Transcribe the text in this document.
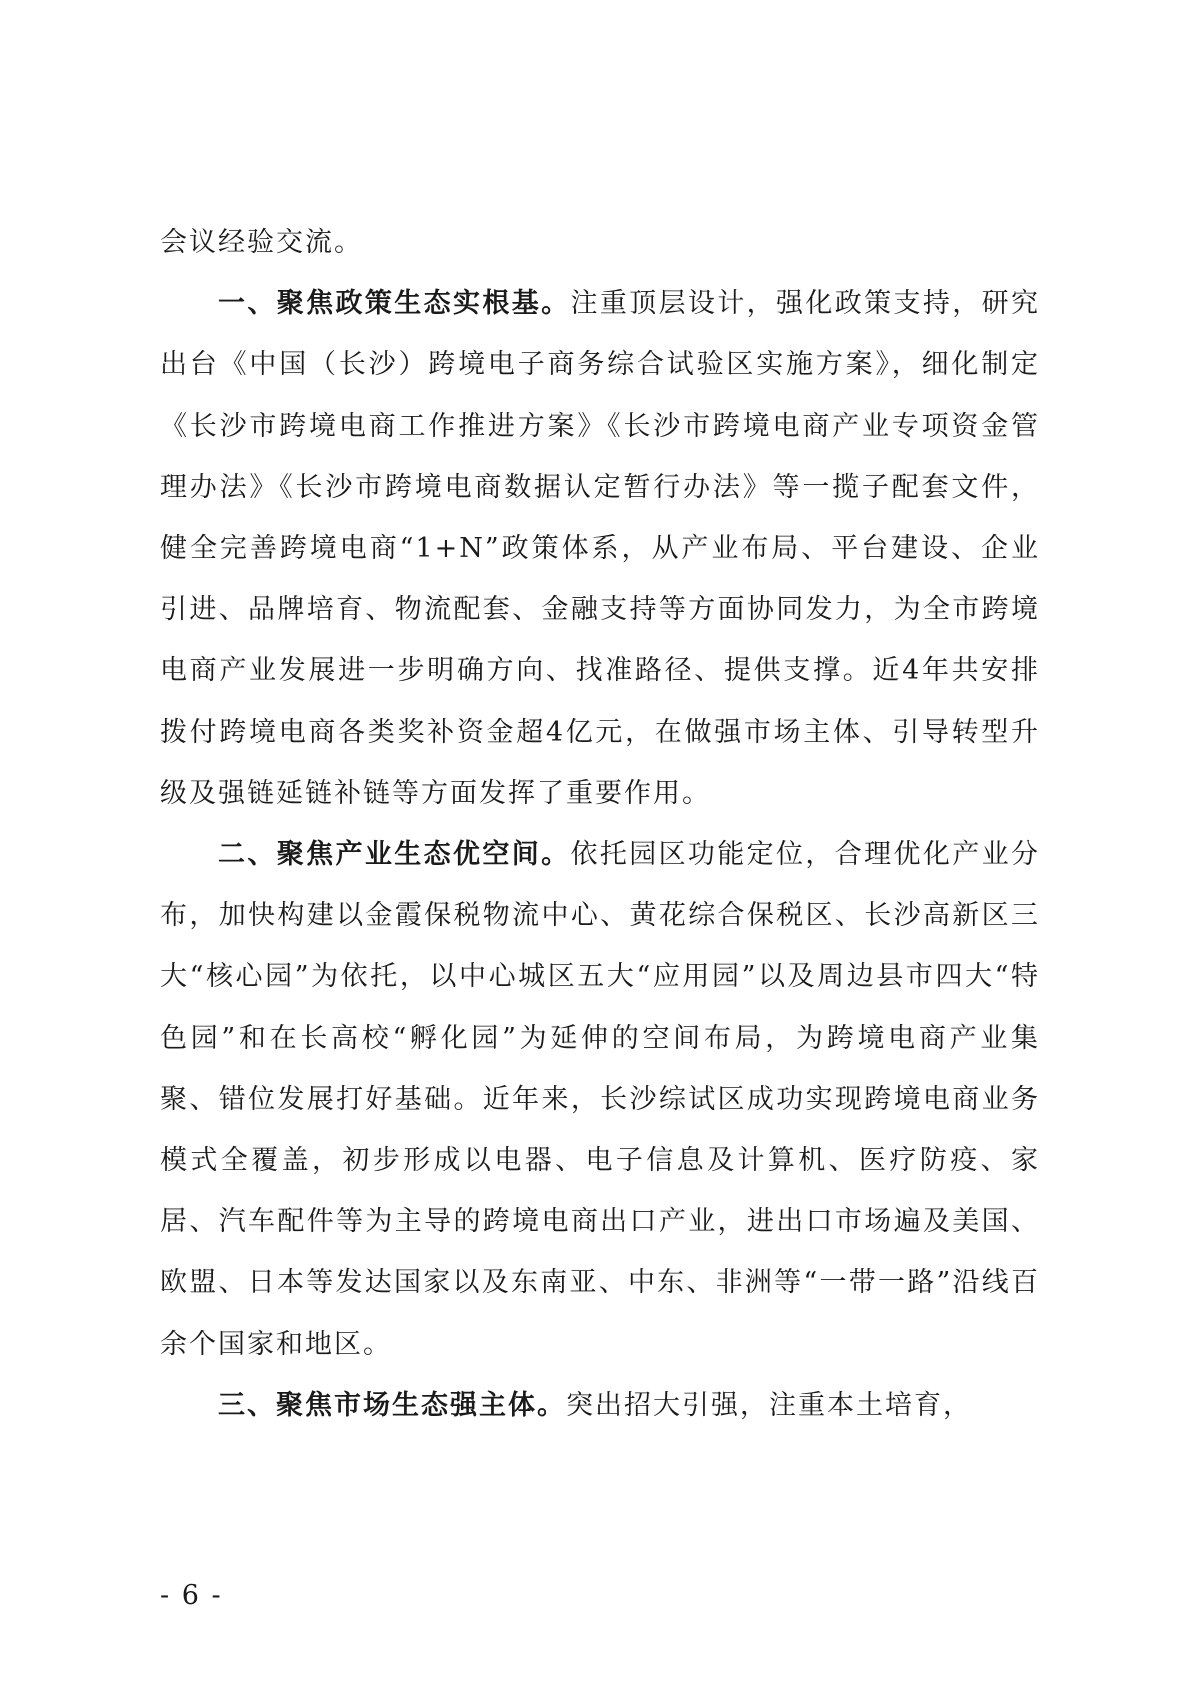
会议经验交流。

一、聚焦政策生态实根基。注重顶层设计，强化政策支持，研究出台《中国（长沙）跨境电子商务综合试验区实施方案》，细化制定《长沙市跨境电商工作推进方案》《长沙市跨境电商产业专项资金管理办法》《长沙市跨境电商数据认定暂行办法》等一揽子配套文件，健全完善跨境电商“1+N”政策体系，从产业布局、平台建设、企业引进、品牌培育、物流配套、金融支持等方面协同发力，为全市跨境电商产业发展进一步明确方向、找准路径、提供支撑。近4年共安排拨付跨境电商各类奖补资金超4亿元，在做强市场主体、引导转型升级及强链延链补链等方面发挥了重要作用。

二、聚焦产业生态优空间。依托园区功能定位，合理优化产业分布，加快构建以金霞保税物流中心、黄花综合保税区、长沙高新区三大“核心园”为依托，以中心城区五大“应用园”以及周边县市四大“特色园”和在长高校“孵化园”为延伸的空间布局，为跨境电商产业集聚、错位发展打好基础。近年来，长沙综试区成功实现跨境电商业务模式全覆盖，初步形成以电器、电子信息及计算机、医疗防疫、家居、汽车配件等为主导的跨境电商出口产业，进出口市场遍及美国、欧盟、日本等发达国家以及东南亚、中东、非洲等“一带一路”沿线百余个国家和地区。

三、聚焦市场生态强主体。突出招大引强，注重本土培育，

- 6 -
